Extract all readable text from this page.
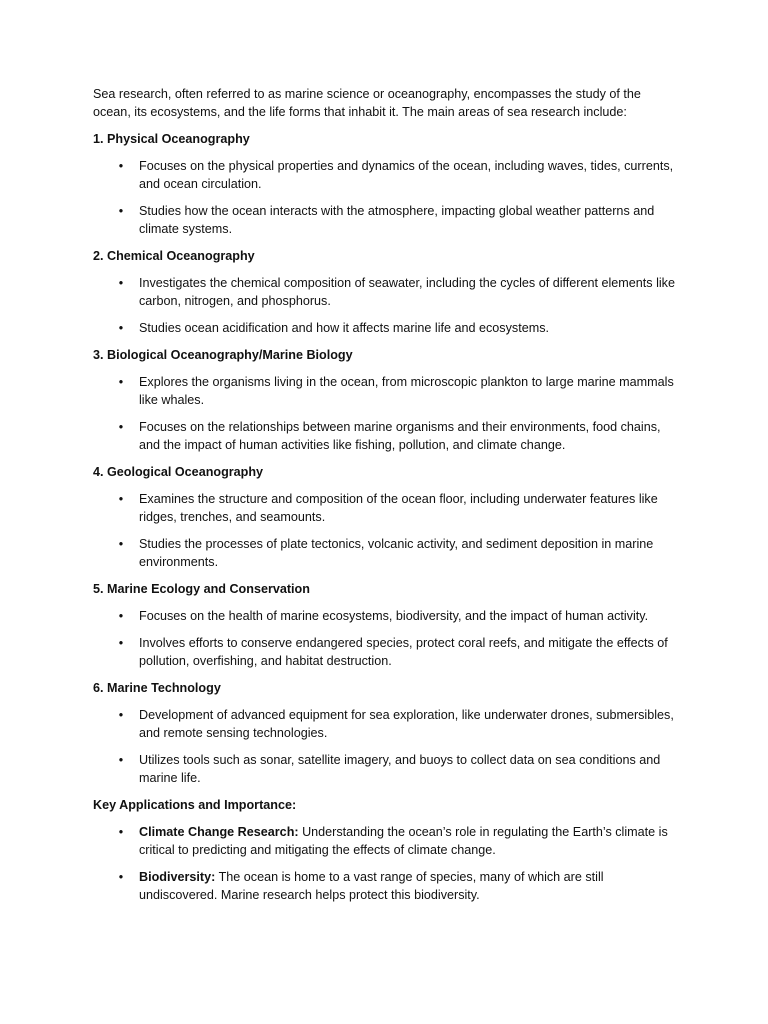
Sea research, often referred to as marine science or oceanography, encompasses the study of the ocean, its ecosystems, and the life forms that inhabit it. The main areas of sea research include:

1. Physical Oceanography
• Focuses on the physical properties and dynamics of the ocean, including waves, tides, currents, and ocean circulation.
• Studies how the ocean interacts with the atmosphere, impacting global weather patterns and climate systems.
2. Chemical Oceanography
• Investigates the chemical composition of seawater, including the cycles of different elements like carbon, nitrogen, and phosphorus.
• Studies ocean acidification and how it affects marine life and ecosystems.
3. Biological Oceanography/Marine Biology
• Explores the organisms living in the ocean, from microscopic plankton to large marine mammals like whales.
• Focuses on the relationships between marine organisms and their environments, food chains, and the impact of human activities like fishing, pollution, and climate change.
4. Geological Oceanography
• Examines the structure and composition of the ocean floor, including underwater features like ridges, trenches, and seamounts.
• Studies the processes of plate tectonics, volcanic activity, and sediment deposition in marine environments.
5. Marine Ecology and Conservation
• Focuses on the health of marine ecosystems, biodiversity, and the impact of human activity.
• Involves efforts to conserve endangered species, protect coral reefs, and mitigate the effects of pollution, overfishing, and habitat destruction.
6. Marine Technology
• Development of advanced equipment for sea exploration, like underwater drones, submersibles, and remote sensing technologies.
• Utilizes tools such as sonar, satellite imagery, and buoys to collect data on sea conditions and marine life.
Key Applications and Importance:
• Climate Change Research: Understanding the ocean’s role in regulating the Earth’s climate is critical to predicting and mitigating the effects of climate change.
• Biodiversity: The ocean is home to a vast range of species, many of which are still undiscovered. Marine research helps protect this biodiversity.
